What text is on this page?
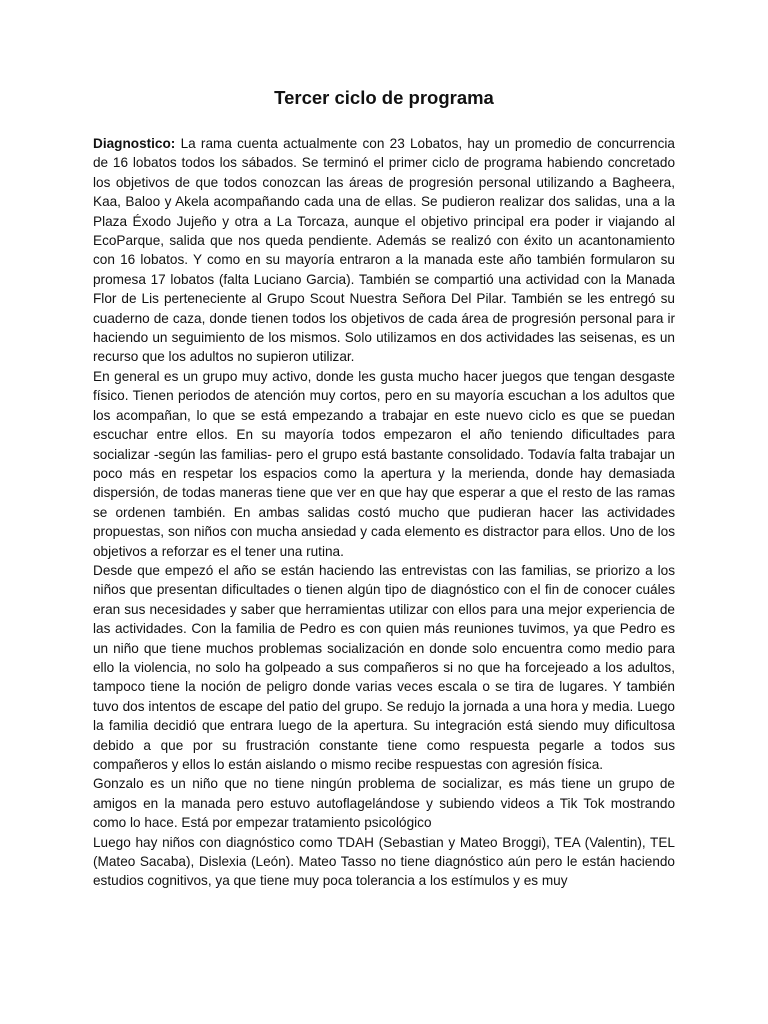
Tercer ciclo de programa

Diagnostico: La rama cuenta actualmente con 23 Lobatos, hay un promedio de concurrencia de 16 lobatos todos los sábados. Se terminó el primer ciclo de programa habiendo concretado los objetivos de que todos conozcan las áreas de progresión personal utilizando a Bagheera, Kaa, Baloo y Akela acompañando cada una de ellas. Se pudieron realizar dos salidas, una a la Plaza Éxodo Jujeño y otra a La Torcaza, aunque el objetivo principal era poder ir viajando al EcoParque, salida que nos queda pendiente. Además se realizó con éxito un acantonamiento con 16 lobatos. Y como en su mayoría entraron a la manada este año también formularon su promesa 17 lobatos (falta Luciano Garcia). También se compartió una actividad con la Manada Flor de Lis perteneciente al Grupo Scout Nuestra Señora Del Pilar. También se les entregó su cuaderno de caza, donde tienen todos los objetivos de cada área de progresión personal para ir haciendo un seguimiento de los mismos. Solo utilizamos en dos actividades las seisenas, es un recurso que los adultos no supieron utilizar.

En general es un grupo muy activo, donde les gusta mucho hacer juegos que tengan desgaste físico. Tienen periodos de atención muy cortos, pero en su mayoría escuchan a los adultos que los acompañan, lo que se está empezando a trabajar en este nuevo ciclo es que se puedan escuchar entre ellos. En su mayoría todos empezaron el año teniendo dificultades para socializar -según las familias- pero el grupo está bastante consolidado. Todavía falta trabajar un poco más en respetar los espacios como la apertura y la merienda, donde hay demasiada dispersión, de todas maneras tiene que ver en que hay que esperar a que el resto de las ramas se ordenen también. En ambas salidas costó mucho que pudieran hacer las actividades propuestas, son niños con mucha ansiedad y cada elemento es distractor para ellos. Uno de los objetivos a reforzar es el tener una rutina.

Desde que empezó el año se están haciendo las entrevistas con las familias, se priorizo a los niños que presentan dificultades o tienen algún tipo de diagnóstico con el fin de conocer cuáles eran sus necesidades y saber que herramientas utilizar con ellos para una mejor experiencia de las actividades. Con la familia de Pedro es con quien más reuniones tuvimos, ya que Pedro es un niño que tiene muchos problemas socialización en donde solo encuentra como medio para ello la violencia, no solo ha golpeado a sus compañeros si no que ha forcejeado a los adultos, tampoco tiene la noción de peligro donde varias veces escala o se tira de lugares. Y también tuvo dos intentos de escape del patio del grupo. Se redujo la jornada a una hora y media. Luego la familia decidió que entrara luego de la apertura. Su integración está siendo muy dificultosa debido a que por su frustración constante tiene como respuesta pegarle a todos sus compañeros y ellos lo están aislando o mismo recibe respuestas con agresión física.

Gonzalo es un niño que no tiene ningún problema de socializar, es más tiene un grupo de amigos en la manada pero estuvo autoflagelándose y subiendo videos a Tik Tok mostrando como lo hace. Está por empezar tratamiento psicológico

Luego hay niños con diagnóstico como TDAH (Sebastian y Mateo Broggi), TEA (Valentin), TEL (Mateo Sacaba), Dislexia (León). Mateo Tasso no tiene diagnóstico aún pero le están haciendo estudios cognitivos, ya que tiene muy poca tolerancia a los estímulos y es muy
